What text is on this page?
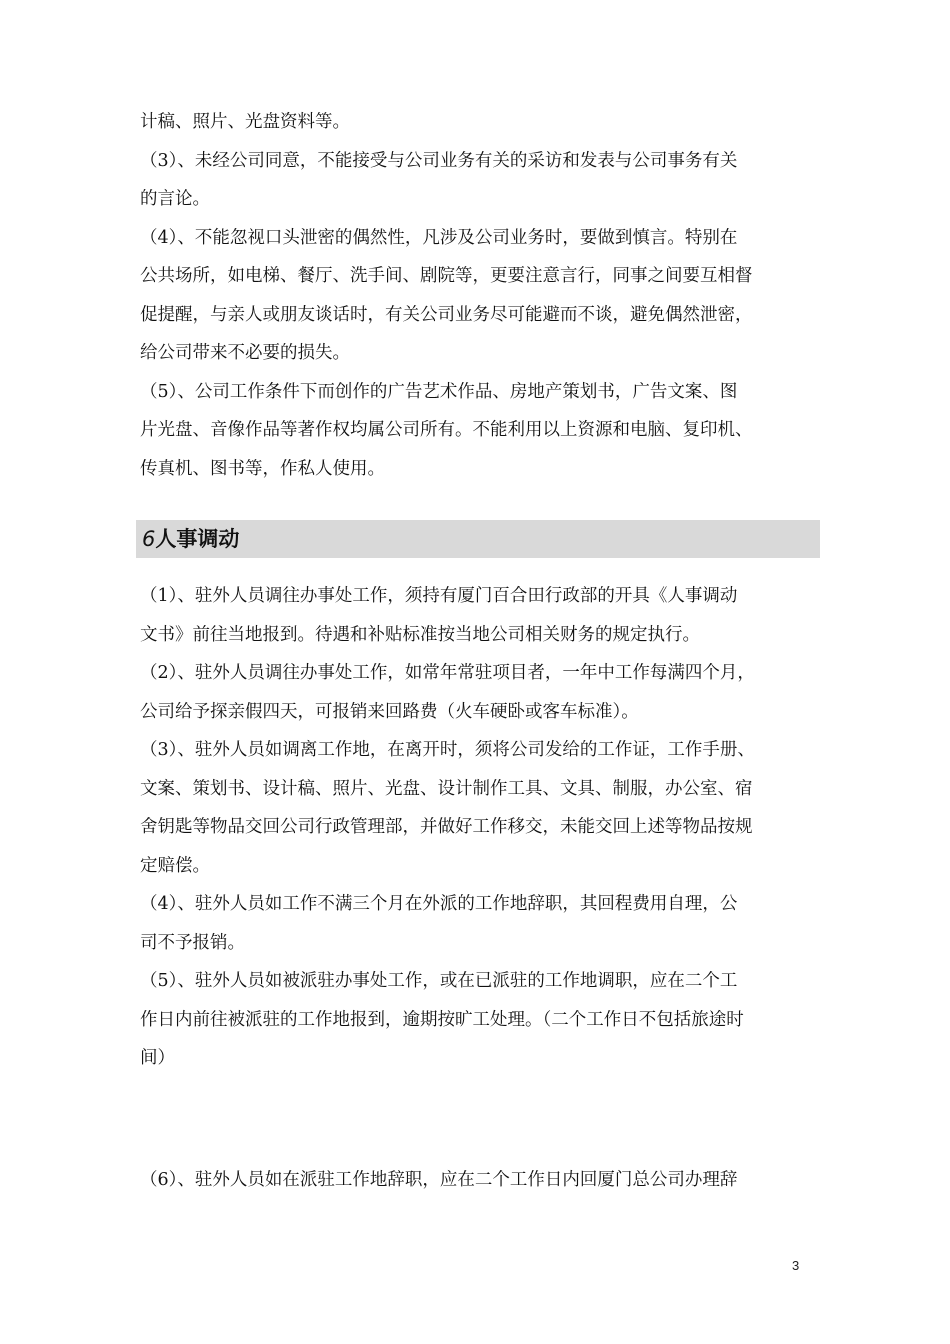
计稿、照片、光盘资料等。
（3）、未经公司同意，不能接受与公司业务有关的采访和发表与公司事务有关
的言论。
（4）、不能忽视口头泄密的偶然性，凡涉及公司业务时，要做到慎言。特别在
公共场所，如电梯、餐厅、洗手间、剧院等，更要注意言行，同事之间要互相督
促提醒，与亲人或朋友谈话时，有关公司业务尽可能避而不谈，避免偶然泄密，
给公司带来不必要的损失。
（5）、公司工作条件下而创作的广告艺术作品、房地产策划书，广告文案、图
片光盘、音像作品等著作权均属公司所有。不能利用以上资源和电脑、复印机、
传真机、图书等，作私人使用。
6人事调动
（1）、驻外人员调往办事处工作，须持有厦门百合田行政部的开具《人事调动
文书》前往当地报到。待遇和补贴标准按当地公司相关财务的规定执行。
（2）、驻外人员调往办事处工作，如常年常驻项目者，一年中工作每满四个月，
公司给予探亲假四天，可报销来回路费（火车硬卧或客车标准）。
（3）、驻外人员如调离工作地，在离开时，须将公司发给的工作证，工作手册、
文案、策划书、设计稿、照片、光盘、设计制作工具、文具、制服，办公室、宿
舍钥匙等物品交回公司行政管理部，并做好工作移交，未能交回上述等物品按规
定赔偿。
（4）、驻外人员如工作不满三个月在外派的工作地辞职，其回程费用自理，公
司不予报销。
（5）、驻外人员如被派驻办事处工作，或在已派驻的工作地调职，应在二个工
作日内前往被派驻的工作地报到，逾期按旷工处理。（二个工作日不包括旅途时
间）
（6）、驻外人员如在派驻工作地辞职，应在二个工作日内回厦门总公司办理辞
3
